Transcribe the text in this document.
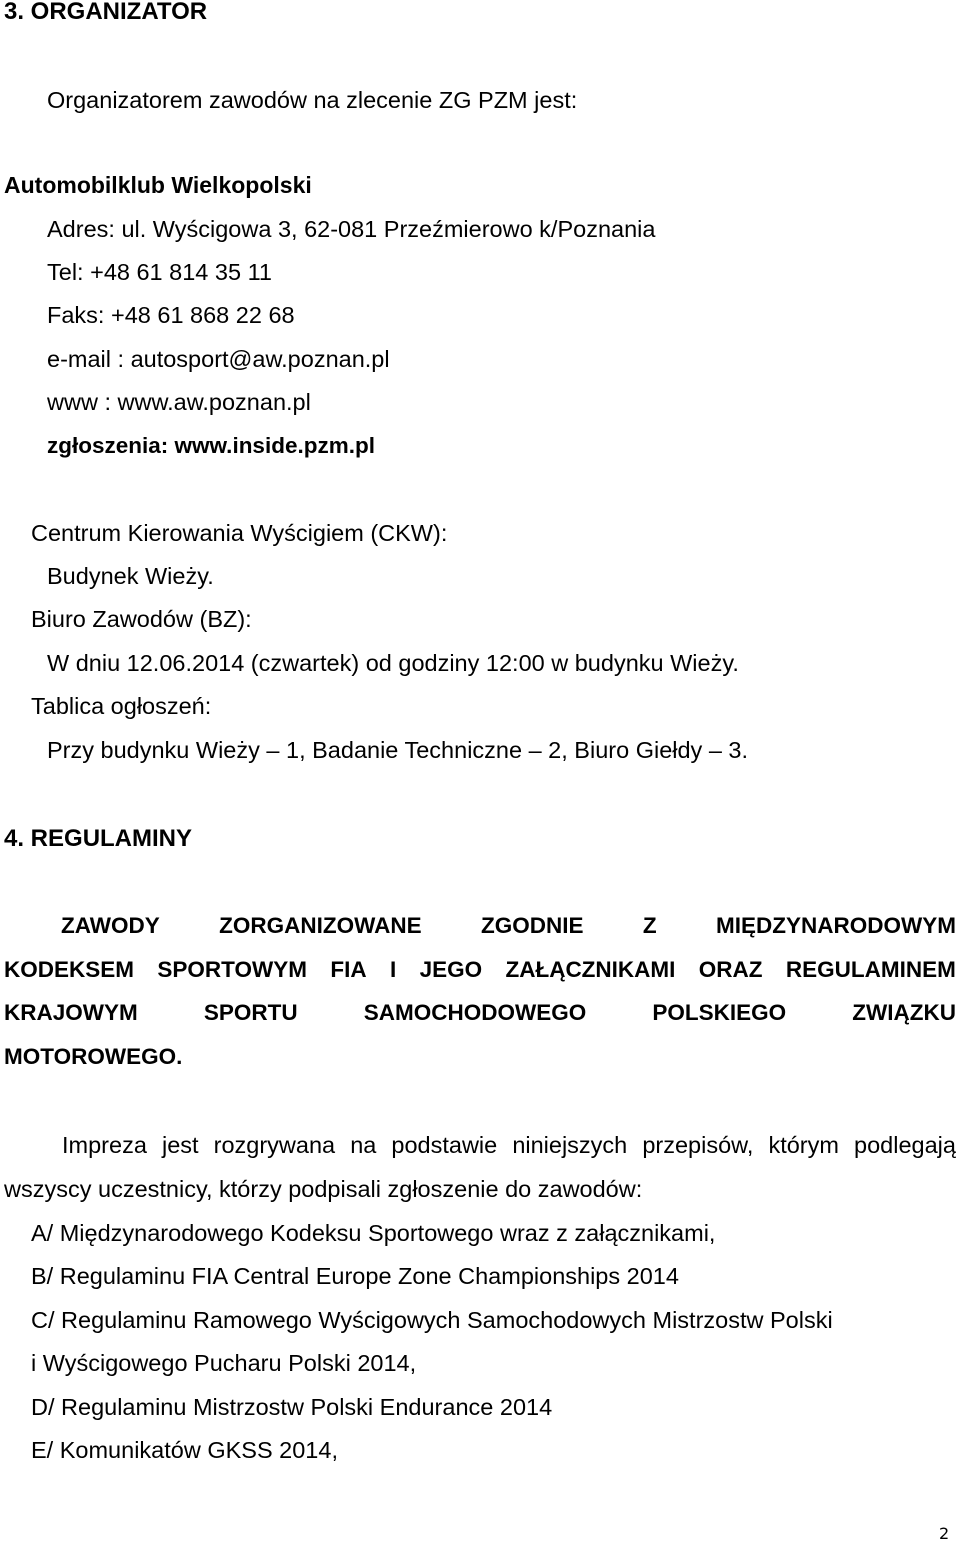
3. ORGANIZATOR
Organizatorem zawodów na zlecenie ZG PZM jest:
Automobilklub Wielkopolski
Adres: ul. Wyścigowa 3, 62-081 Przeźmierowo k/Poznania
Tel: +48 61 814 35 11
Faks: +48 61 868 22 68
e-mail : autosport@aw.poznan.pl
www : www.aw.poznan.pl
zgłoszenia: www.inside.pzm.pl
Centrum Kierowania Wyścigiem (CKW):
Budynek Wieży.
Biuro Zawodów (BZ):
W dniu 12.06.2014 (czwartek) od godziny 12:00 w budynku Wieży.
Tablica ogłoszeń:
Przy budynku Wieży – 1, Badanie Techniczne – 2, Biuro Giełdy – 3.
4. REGULAMINY
ZAWODY	ZORGANIZOWANE	ZGODNIE	Z	MIĘDZYNARODOWYM
KODEKSEM SPORTOWYM FIA I JEGO ZAŁĄCZNIKAMI ORAZ REGULAMINEM
KRAJOWYM	SPORTU	SAMOCHODOWEGO	POLSKIEGO	ZWIĄZKU
MOTOROWEGO.
Impreza jest rozgrywana na podstawie niniejszych przepisów, którym podlegają
wszyscy uczestnicy, którzy podpisali zgłoszenie do zawodów:
A/ Międzynarodowego Kodeksu Sportowego wraz z załącznikami,
B/ Regulaminu FIA Central Europe Zone Championships 2014
C/ Regulaminu Ramowego Wyścigowych Samochodowych Mistrzostw Polski
i Wyścigowego Pucharu Polski 2014,
D/ Regulaminu Mistrzostw Polski Endurance 2014
E/ Komunikatów GKSS 2014,
2
